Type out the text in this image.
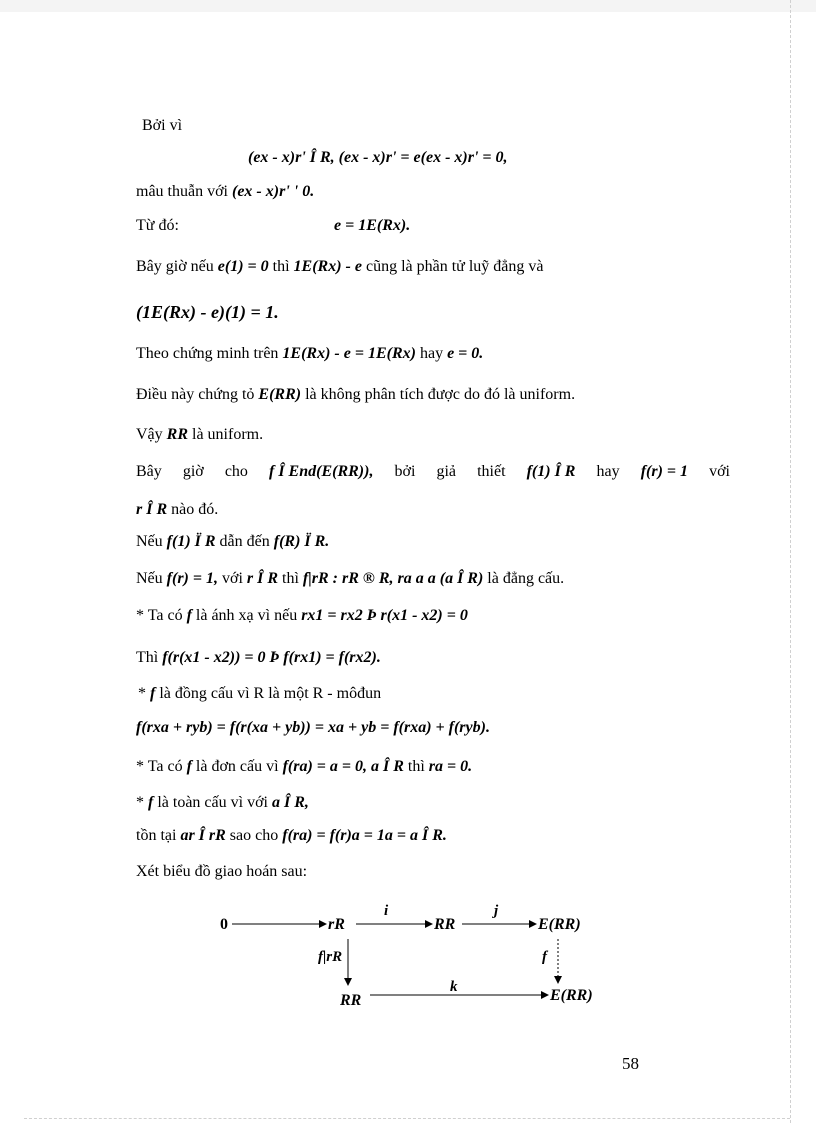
Bởi vì
(ex - x)r' Î R, (ex - x)r' = e(ex - x)r' = 0,
mâu thuẫn với (ex - x)r' ' 0.
Từ đó:	e = 1E(Rx).
Bây giờ nếu e(1) = 0 thì 1E(Rx) - e cũng là phần tử luỹ đẳng và
(1E(Rx) - e)(1) = 1.
Theo chứng minh trên 1E(Rx) - e = 1E(Rx) hay e = 0.
Điều này chứng tỏ E(RR) là không phân tích được do đó là uniform.
Vậy RR là uniform.
Bây giờ cho f Î End(E(RR)), bởi giả thiết f(1) Î R hay f(r) = 1 với
r Î R nào đó.
Nếu f(1) Ï R dẫn đến f(R) Ï R.
Nếu f(r) = 1, với r Î R thì f|rR : rR ® R, ra a a (a Î R) là đẳng cấu.
* Ta có f là ánh xạ vì nếu rx1 = rx2 Þ r(x1 - x2) = 0
Thì f(r(x1 - x2)) = 0 Þ f(rx1) = f(rx2).
* f là đồng cấu vì R là một R - môđun
f(rxa + ryb) = f(r(xa + yb)) = xa + yb = f(rxa) + f(ryb).
* Ta có f là đơn cấu vì f(ra) = a = 0, a Î R thì ra = 0.
* f là toàn cấu vì với a Î R,
tồn tại ar Î rR sao cho f(ra) = f(r)a = 1a = a Î R.
Xét biểu đồ giao hoán sau:
0	rR	RR	E(RR)
RR	E(RR)
i	j
k
f|rR	f
58
